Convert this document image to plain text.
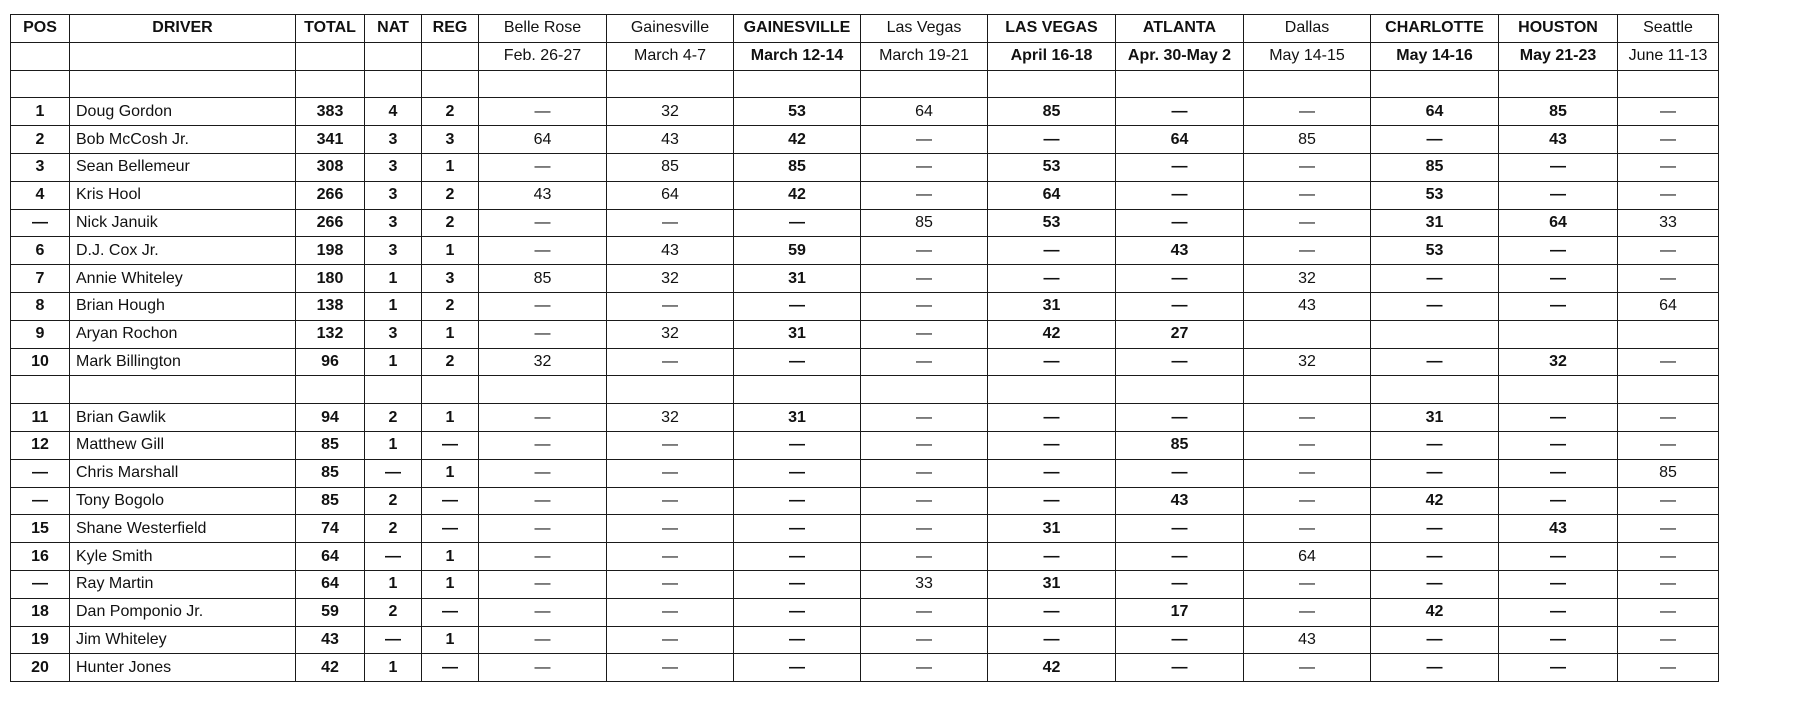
POS	DRIVER	TOTAL	NAT	REG	Belle Rose	Gainesville	GAINESVILLE	Las Vegas	LAS VEGAS	ATLANTA	Dallas	CHARLOTTE	HOUSTON	Seattle
					Feb. 26-27	March 4-7	March 12-14	March 19-21	April 16-18	Apr. 30-May 2	May 14-15	May 14-16	May 21-23	June 11-13

1	Doug Gordon	383	4	2	—	32	53	64	85	—	—	64	85	—
2	Bob McCosh Jr.	341	3	3	64	43	42	—	—	64	85	—	43	—
3	Sean Bellemeur	308	3	1	—	85	85	—	53	—	—	85	—	—
4	Kris Hool	266	3	2	43	64	42	—	64	—	—	53	—	—
—	Nick Januik	266	3	2	—	—	—	85	53	—	—	31	64	33
6	D.J. Cox Jr.	198	3	1	—	43	59	—	—	43	—	53	—	—
7	Annie Whiteley	180	1	3	85	32	31	—	—	—	32	—	—	—
8	Brian Hough	138	1	2	—	—	—	—	31	—	43	—	—	64
9	Aryan Rochon	132	3	1	—	32	31	—	42	27				
10	Mark Billington	96	1	2	32	—	—	—	—	—	32	—	32	—

11	Brian Gawlik	94	2	1	—	32	31	—	—	—	—	31	—	—
12	Matthew Gill	85	1	—	—	—	—	—	—	85	—	—	—	—
—	Chris Marshall	85	—	1	—	—	—	—	—	—	—	—	—	85
—	Tony Bogolo	85	2	—	—	—	—	—	—	43	—	42	—	—
15	Shane Westerfield	74	2	—	—	—	—	—	31	—	—	—	43	—
16	Kyle Smith	64	—	1	—	—	—	—	—	—	64	—	—	—
—	Ray Martin	64	1	1	—	—	—	33	31	—	—	—	—	—
18	Dan Pomponio Jr.	59	2	—	—	—	—	—	—	17	—	42	—	—
19	Jim Whiteley	43	—	1	—	—	—	—	—	—	43	—	—	—
20	Hunter Jones	42	1	—	—	—	—	—	42	—	—	—	—	—
